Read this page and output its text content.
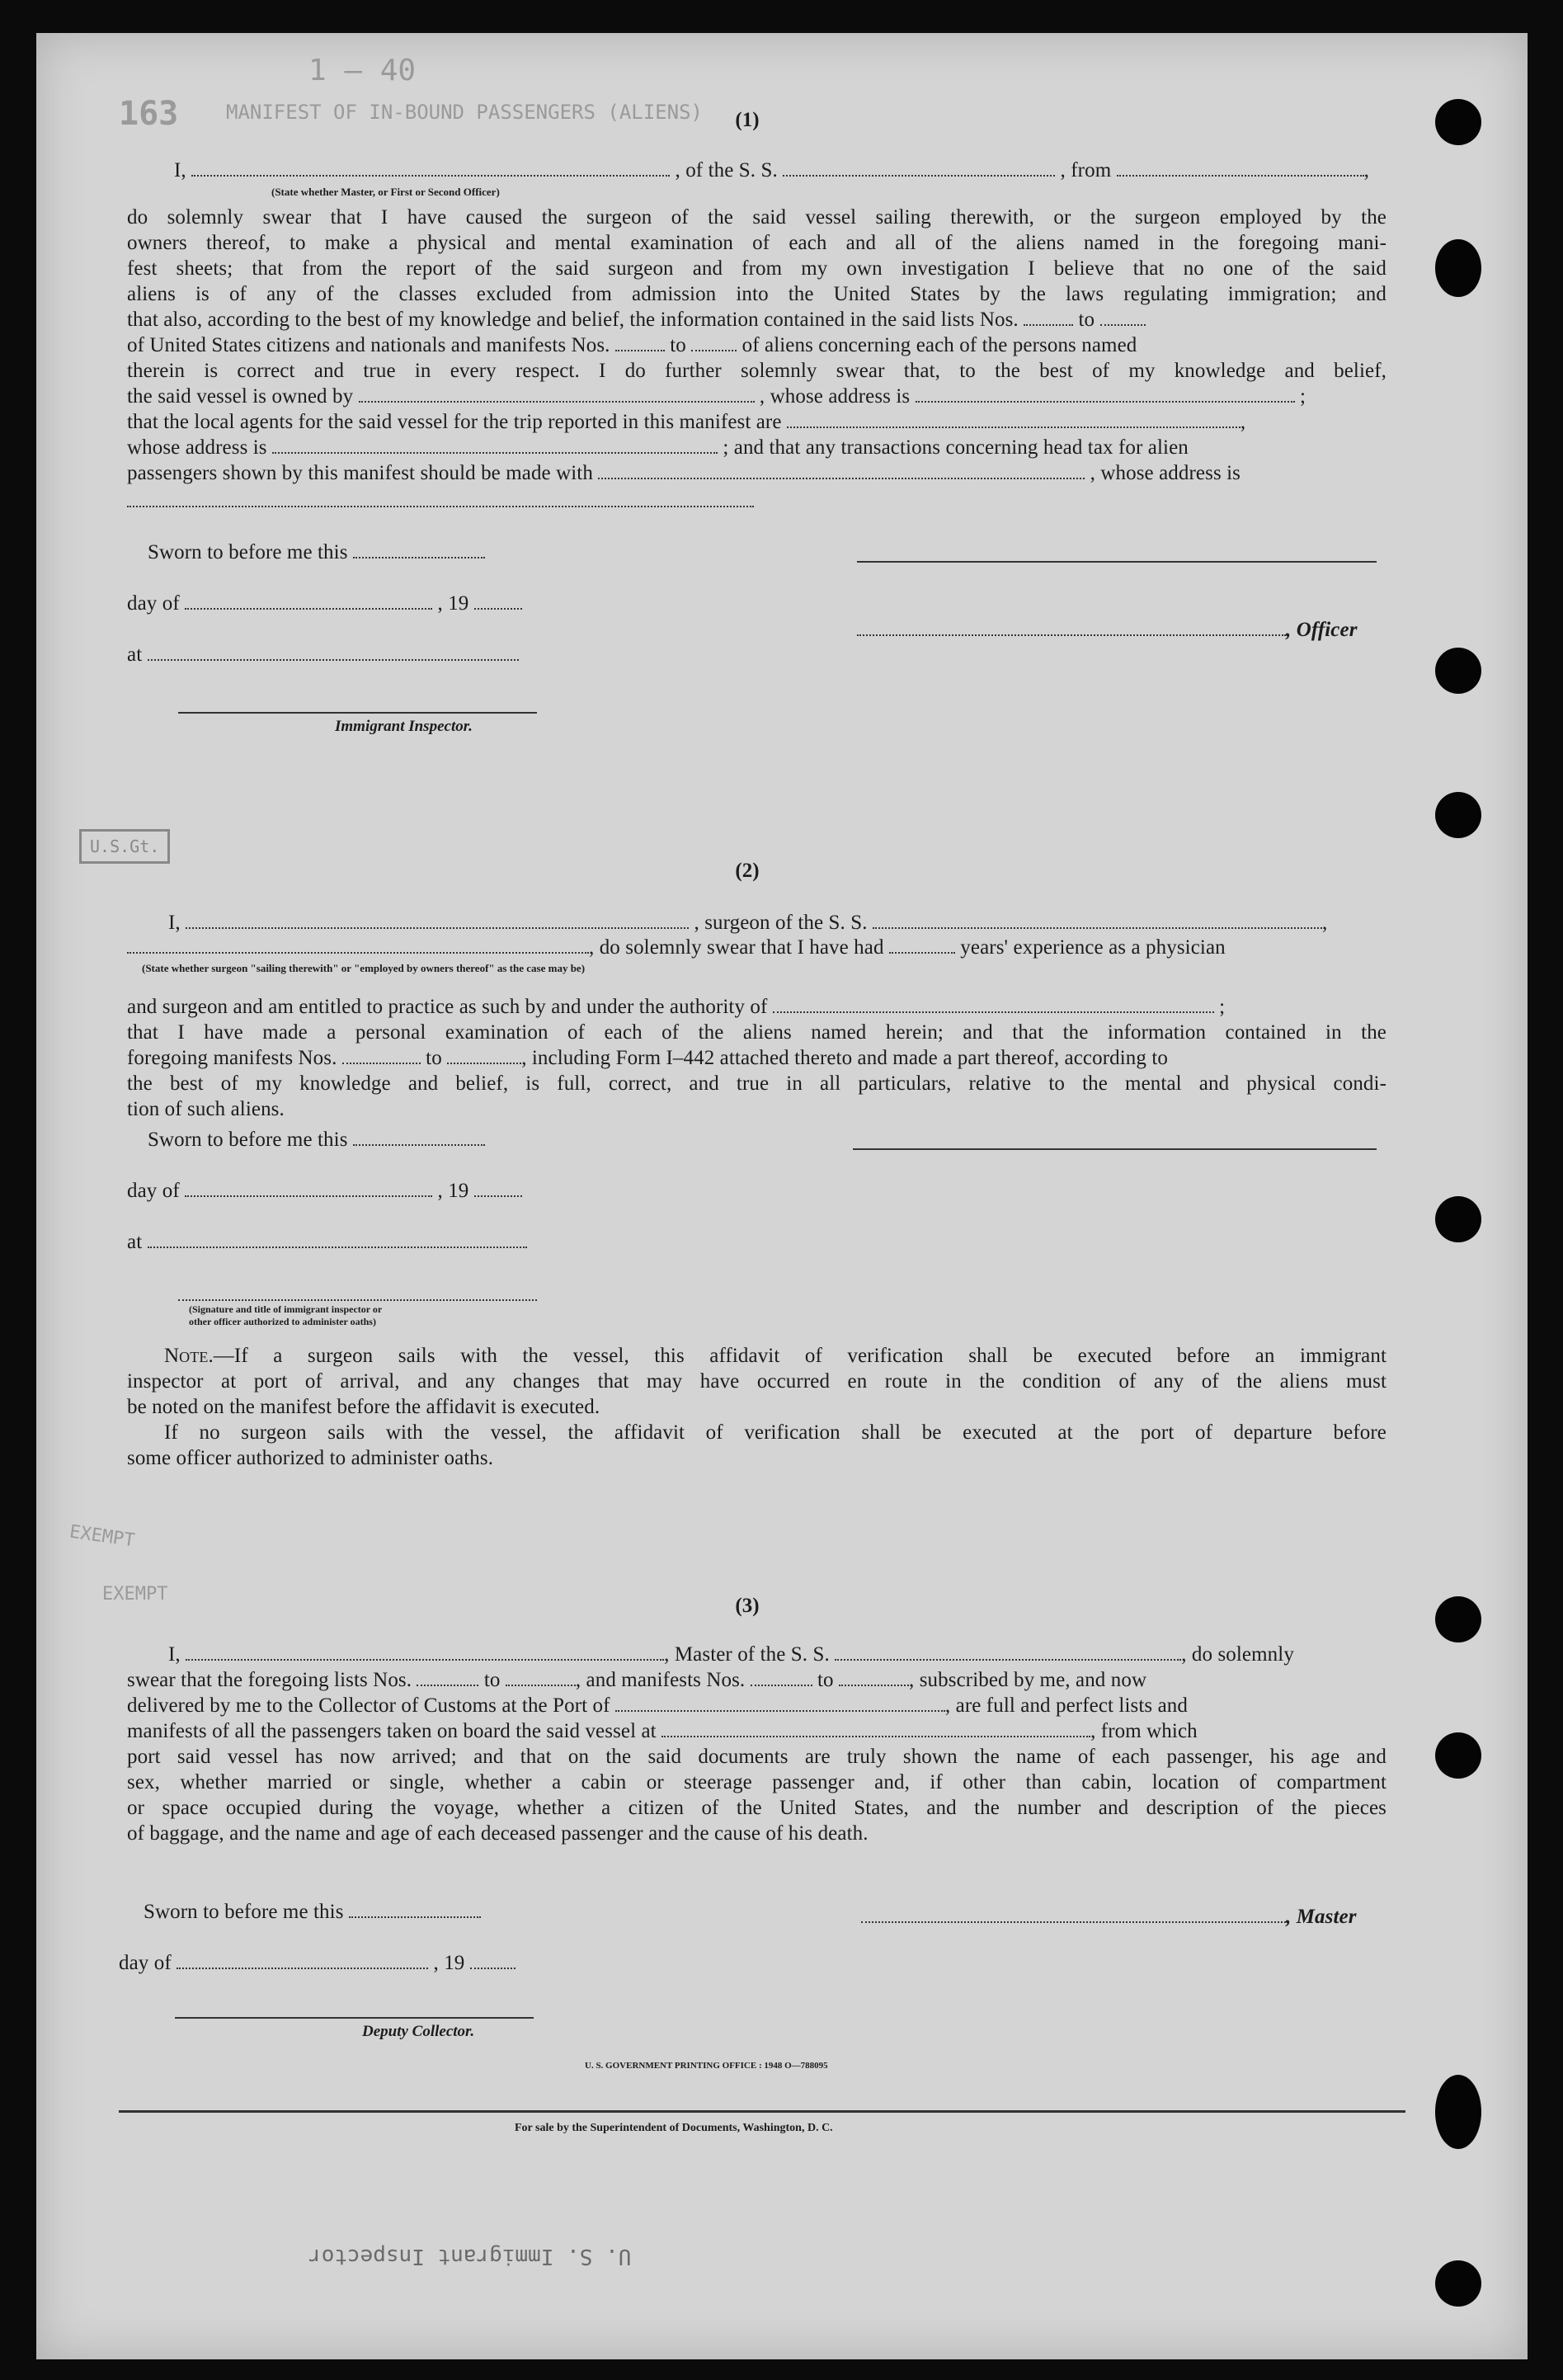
163 MANIFEST OF IN-BOUND PASSENGERS (ALIENS)
1 — 40
(1)
I,	, of the S. S.	, from	,
(State whether Master, or First or Second Officer)
do solemnly swear that I have caused the surgeon of the said vessel sailing therewith, or the surgeon employed by the
owners thereof, to make a physical and mental examination of each and all of the aliens named in the foregoing mani-
fest sheets; that from the report of the said surgeon and from my own investigation I believe that no one of the said
aliens is of any of the classes excluded from admission into the United States by the laws regulating immigration; and
that also, according to the best of my knowledge and belief, the information contained in the said lists Nos.	to
of United States citizens and nationals and manifests Nos.	to	of aliens concerning each of the persons named
therein is correct and true in every respect. I do further solemnly swear that, to the best of my knowledge and belief,
the said vessel is owned by	, whose address is	;
that the local agents for the said vessel for the trip reported in this manifest are	,
whose address is	; and that any transactions concerning head tax for alien
passengers shown by this manifest should be made with	, whose address is
Sworn to before me this
day of	, 19
, Officer
at
Immigrant Inspector.
U.S.Gt.
(2)
I,	, surgeon of the S. S.	,
, do solemnly swear that I have had	years' experience as a physician
(State whether surgeon "sailing therewith" or "employed by owners thereof" as the case may be)
and surgeon and am entitled to practice as such by and under the authority of	;
that I have made a personal examination of each of the aliens named herein; and that the information contained in the
foregoing manifests Nos.	to	, including Form I–442 attached thereto and made a part thereof, according to
the best of my knowledge and belief, is full, correct, and true in all particulars, relative to the mental and physical condi-
tion of such aliens.
Sworn to before me this
day of	, 19
at
(Signature and title of immigrant inspector or
other officer authorized to administer oaths)
Note.—If a surgeon sails with the vessel, this affidavit of verification shall be executed before an immigrant
inspector at port of arrival, and any changes that may have occurred en route in the condition of any of the aliens must
be noted on the manifest before the affidavit is executed.
If no surgeon sails with the vessel, the affidavit of verification shall be executed at the port of departure before
some officer authorized to administer oaths.
EXEMPT
EXEMPT
(3)
I,	, Master of the S. S.	, do solemnly
swear that the foregoing lists Nos.	to	, and manifests Nos.	to	, subscribed by me, and now
delivered by me to the Collector of Customs at the Port of	, are full and perfect lists and
manifests of all the passengers taken on board the said vessel at	, from which
port said vessel has now arrived; and that on the said documents are truly shown the name of each passenger, his age and
sex, whether married or single, whether a cabin or steerage passenger and, if other than cabin, location of compartment
or space occupied during the voyage, whether a citizen of the United States, and the number and description of the pieces
of baggage, and the name and age of each deceased passenger and the cause of his death.
Sworn to before me this	, Master
day of	, 19
Deputy Collector.
U. S. GOVERNMENT PRINTING OFFICE : 1948 O—788095
For sale by the Superintendent of Documents, Washington, D. C.
U. S. Immigrant Inspector
